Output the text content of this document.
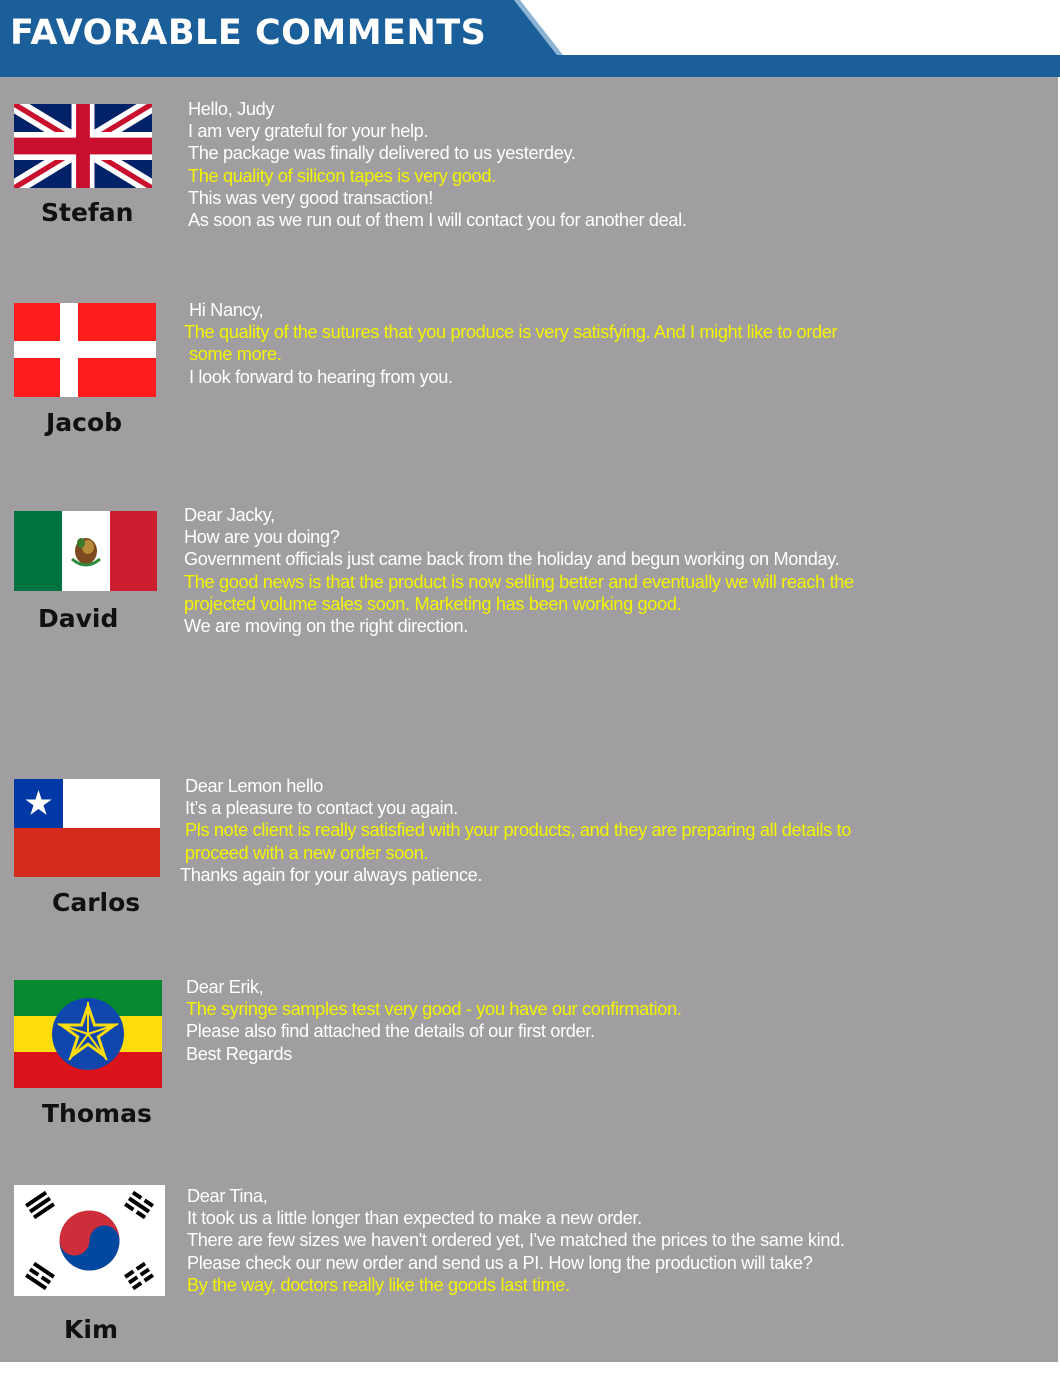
FAVORABLE COMMENTS
Stefan
Hello, Judy
I am very grateful for your help.
The package was finally delivered to us yesterdey.
The quality of silicon tapes is very good.
This was very good transaction!
As soon as we run out of them I will contact you for another deal.
Jacob
Hi Nancy,
The quality of the sutures that you produce is very satisfying. And I might like to order
some more.
I look forward to hearing from you.
David
Dear Jacky,
How are you doing?
Government officials just came back from the holiday and begun working on Monday.
The good news is that the product is now selling better and eventually we will reach the
projected volume sales soon. Marketing has been working good.
We are moving on the right direction.
Carlos
Dear Lemon hello
It’s a pleasure to contact you again.
Pls note client is really satisfied with your products, and they are preparing all details to
proceed with a new order soon.
Thanks again for your always patience.
Thomas
Dear Erik,
The syringe samples test very good - you have our confirmation.
Please also find attached the details of our first order.
Best Regards
Kim
Dear Tina,
It took us a little longer than expected to make a new order.
There are few sizes we haven't ordered yet, I've matched the prices to the same kind.
Please check our new order and send us a PI. How long the production will take?
By the way, doctors really like the goods last time.
